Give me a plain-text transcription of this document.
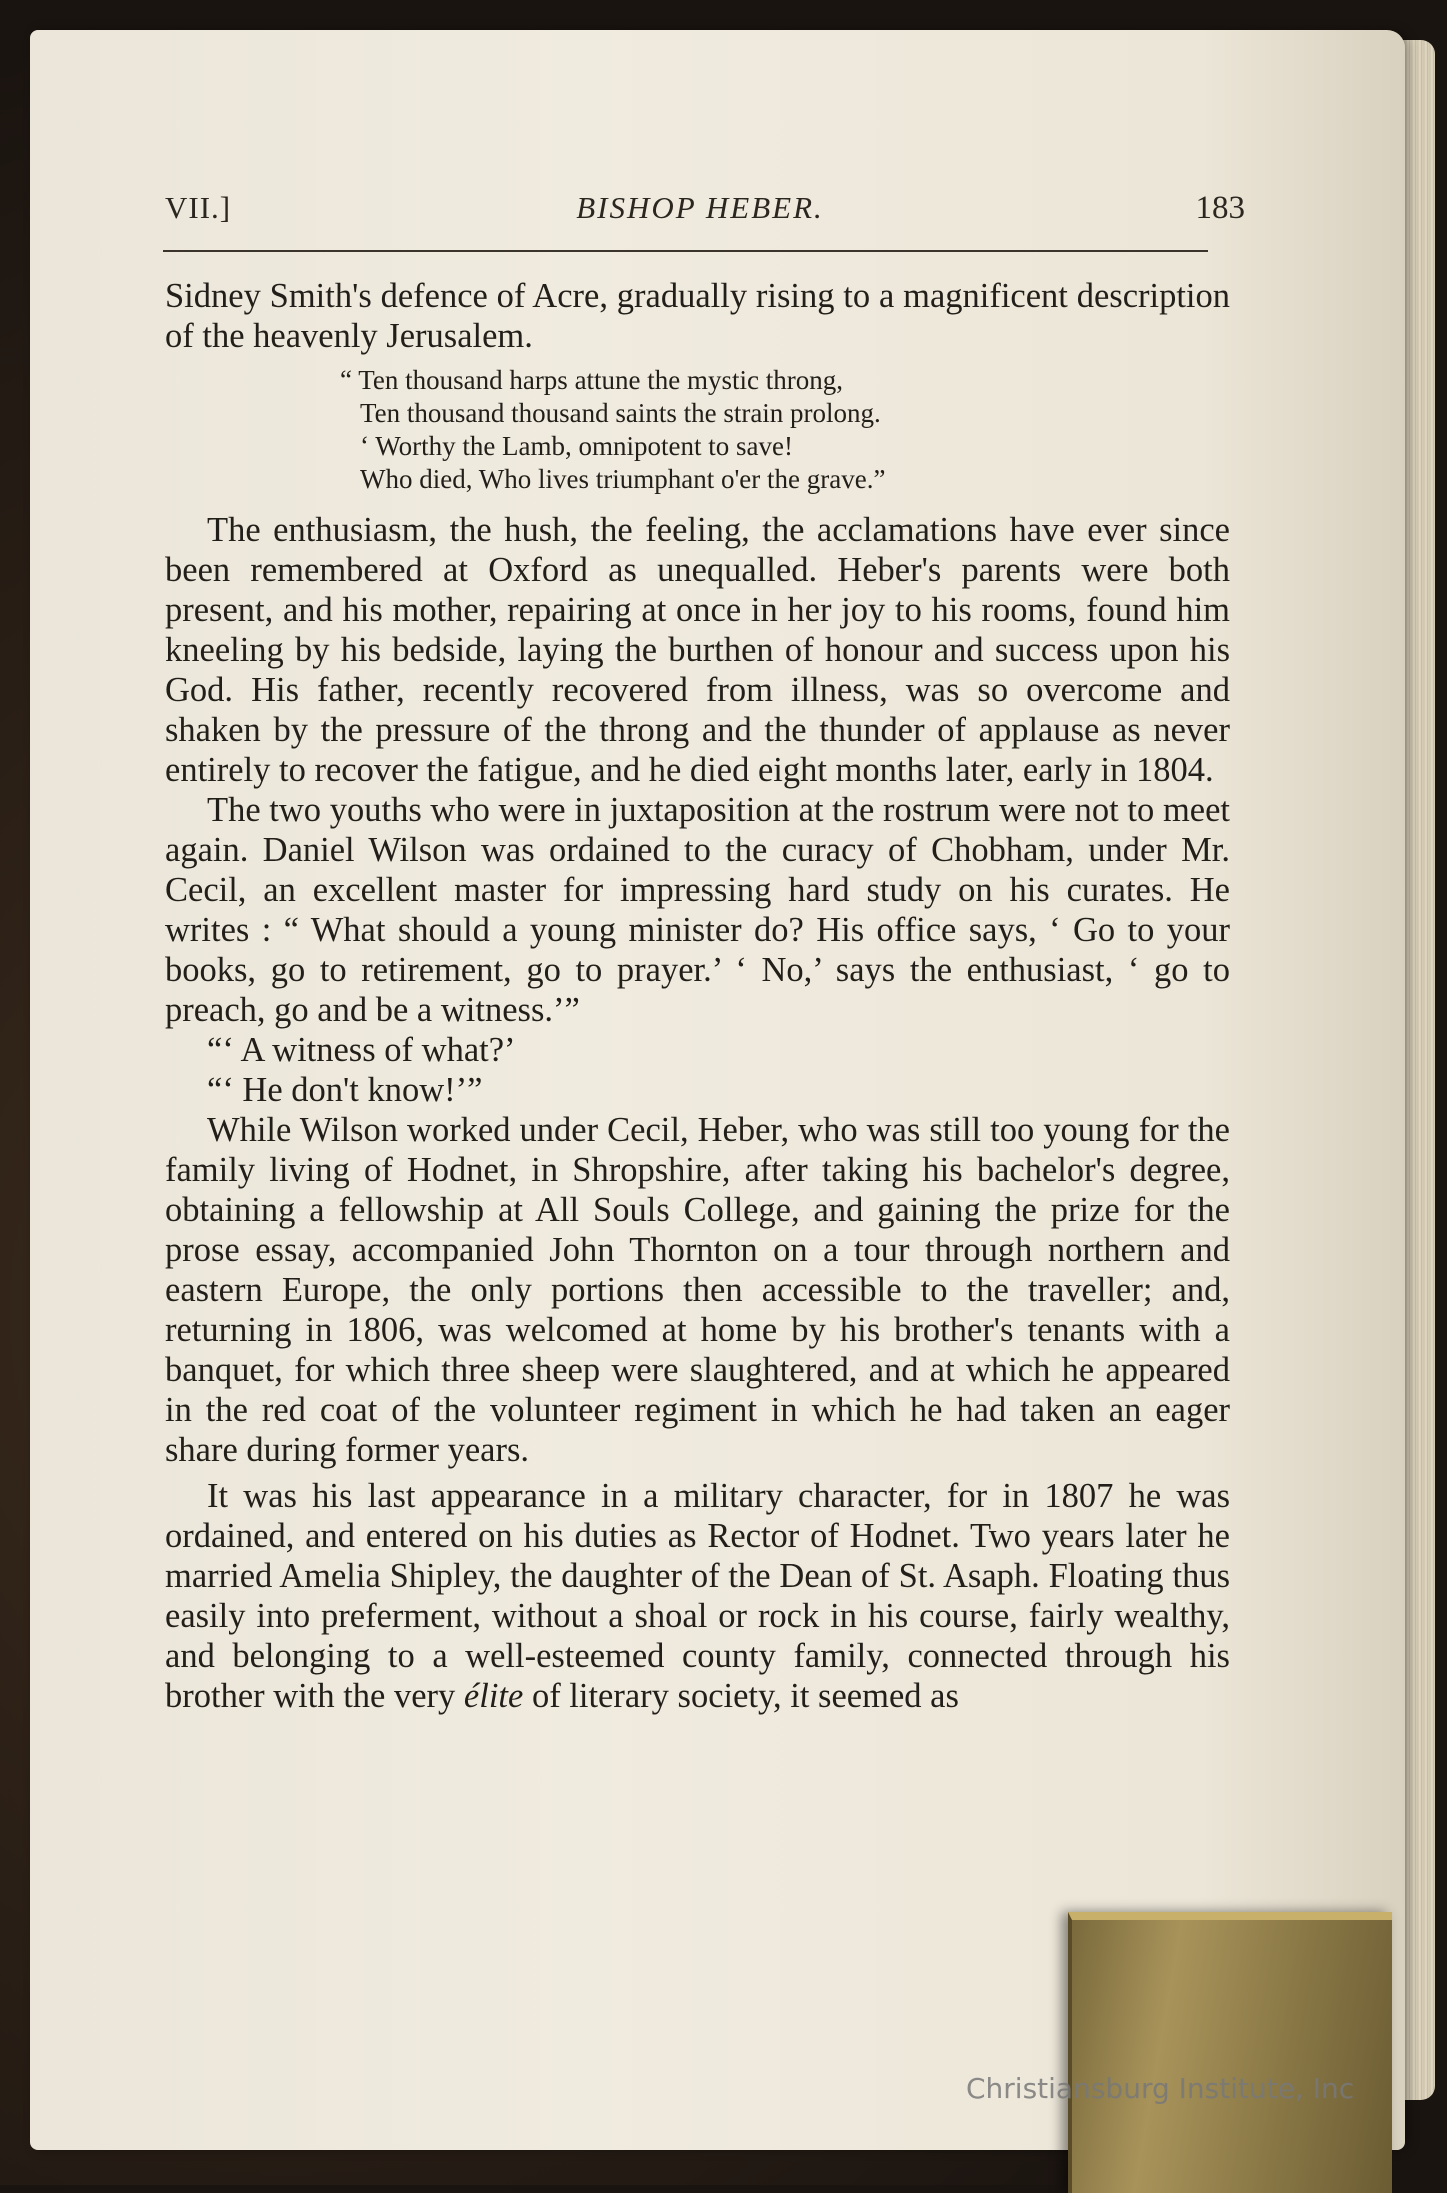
VII.]	BISHOP HEBER.	183

Sidney Smith's defence of Acre, gradually rising to a magnificent description of the heavenly Jerusalem.

“ Ten thousand harps attune the mystic throng,
Ten thousand thousand saints the strain prolong.
‘ Worthy the Lamb, omnipotent to save!
Who died, Who lives triumphant o'er the grave.”

The enthusiasm, the hush, the feeling, the acclamations have ever since been remembered at Oxford as unequalled. Heber's parents were both present, and his mother, repairing at once in her joy to his rooms, found him kneeling by his bedside, laying the burthen of honour and success upon his God. His father, recently recovered from illness, was so overcome and shaken by the pressure of the throng and the thunder of applause as never entirely to recover the fatigue, and he died eight months later, early in 1804.

The two youths who were in juxtaposition at the rostrum were not to meet again. Daniel Wilson was ordained to the curacy of Chobham, under Mr. Cecil, an excellent master for impressing hard study on his curates. He writes : “ What should a young minister do? His office says, ‘ Go to your books, go to retirement, go to prayer.’ ‘ No,’ says the enthusiast, ‘ go to preach, go and be a witness.’”

“‘ A witness of what?’

“‘ He don't know!’”

While Wilson worked under Cecil, Heber, who was still too young for the family living of Hodnet, in Shropshire, after taking his bachelor's degree, obtaining a fellowship at All Souls College, and gaining the prize for the prose essay, accompanied John Thornton on a tour through northern and eastern Europe, the only portions then accessible to the traveller; and, returning in 1806, was welcomed at home by his brother's tenants with a banquet, for which three sheep were slaughtered, and at which he appeared in the red coat of the volunteer regiment in which he had taken an eager share during former years.

It was his last appearance in a military character, for in 1807 he was ordained, and entered on his duties as Rector of Hodnet. Two years later he married Amelia Shipley, the daughter of the Dean of St. Asaph. Floating thus easily into preferment, without a shoal or rock in his course, fairly wealthy, and belonging to a well-esteemed county family, connected through his brother with the very élite of literary society, it seemed as

Christiansburg Institute, Inc
